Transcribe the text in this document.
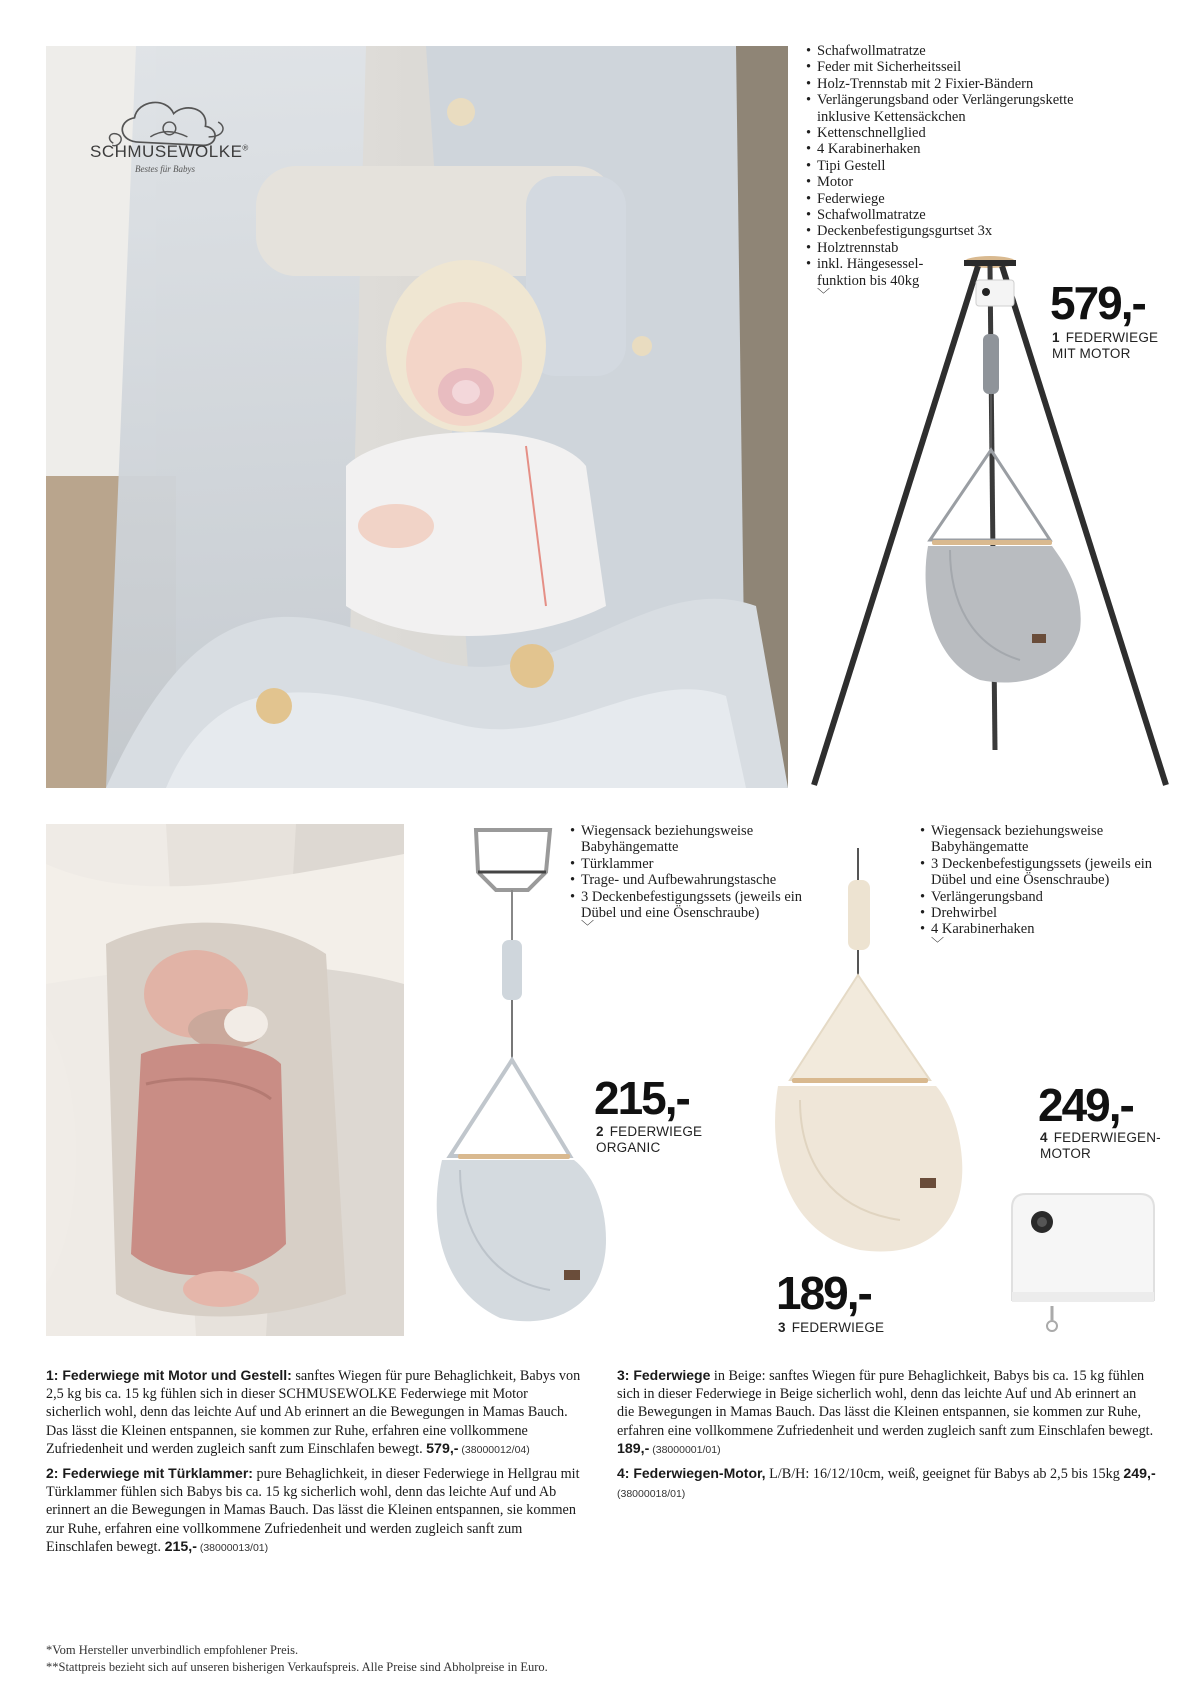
SCHMUSEWOLKE®
Bestes für Babys
• Schafwollmatratze
• Feder mit Sicherheitsseil
• Holz-Trennstab mit 2 Fixier-Bändern
• Verlängerungsband oder Verlängerungskette inklusive Kettensäckchen
• Kettenschnellglied
• 4 Karabinerhaken
• Tipi Gestell
• Motor
• Federwiege
• Schafwollmatratze
• Deckenbefestigungsgurtset 3x
• Holztrennstab
• inkl. Hängesessel-funktion bis 40kg
﹀	579,-
1 FEDERWIEGE
MIT MOTOR
• Wiegensack beziehungsweise Babyhängematte
• Türklammer
• Trage- und Aufbewahrungstasche
• 3 Deckenbefestigungssets (jeweils ein Dübel und eine Ösenschraube)
﹀
215,-
2 FEDERWIEGE
ORGANIC
• Wiegensack beziehungsweise Babyhängematte
• 3 Deckenbefestigungssets (jeweils ein Dübel und eine Ösenschraube)
• Verlängerungsband
• Drehwirbel
• 4 Karabinerhaken
﹀
189,-
3 FEDERWIEGE
249,-
4 FEDERWIEGEN-
MOTOR

1: Federwiege mit Motor und Gestell: sanftes Wiegen für pure Behaglichkeit, Babys von 2,5 kg bis ca. 15 kg fühlen sich in dieser SCHMUSEWOLKE Federwiege mit Motor sicherlich wohl, denn das leichte Auf und Ab erinnert an die Bewegungen in Mamas Bauch. Das lässt die Kleinen entspannen, sie kommen zur Ruhe, erfahren eine vollkommene Zufriedenheit und werden zugleich sanft zum Einschlafen bewegt. 579,- (38000012/04)

2: Federwiege mit Türklammer: pure Behaglichkeit, in dieser Federwiege in Hellgrau mit Türklammer fühlen sich Babys bis ca. 15 kg sicherlich wohl, denn das leichte Auf und Ab erinnert an die Bewegungen in Mamas Bauch. Das lässt die Kleinen entspannen, sie kommen zur Ruhe, erfahren eine vollkommene Zufriedenheit und werden zugleich sanft zum Einschlafen bewegt. 215,- (38000013/01)

3: Federwiege in Beige: sanftes Wiegen für pure Behaglichkeit, Babys bis ca. 15 kg fühlen sich in dieser Federwiege in Beige sicherlich wohl, denn das leichte Auf und Ab erinnert an die Bewegungen in Mamas Bauch. Das lässt die Kleinen entspannen, sie kommen zur Ruhe, erfahren eine vollkommene Zufriedenheit und werden zugleich sanft zum Einschlafen bewegt. 189,- (38000001/01)

4: Federwiegen-Motor, L/B/H: 16/12/10cm, weiß, geeignet für Babys ab 2,5 bis 15kg 249,- (38000018/01)

*Vom Hersteller unverbindlich empfohlener Preis.
**Stattpreis bezieht sich auf unseren bisherigen Verkaufspreis. Alle Preise sind Abholpreise in Euro.
